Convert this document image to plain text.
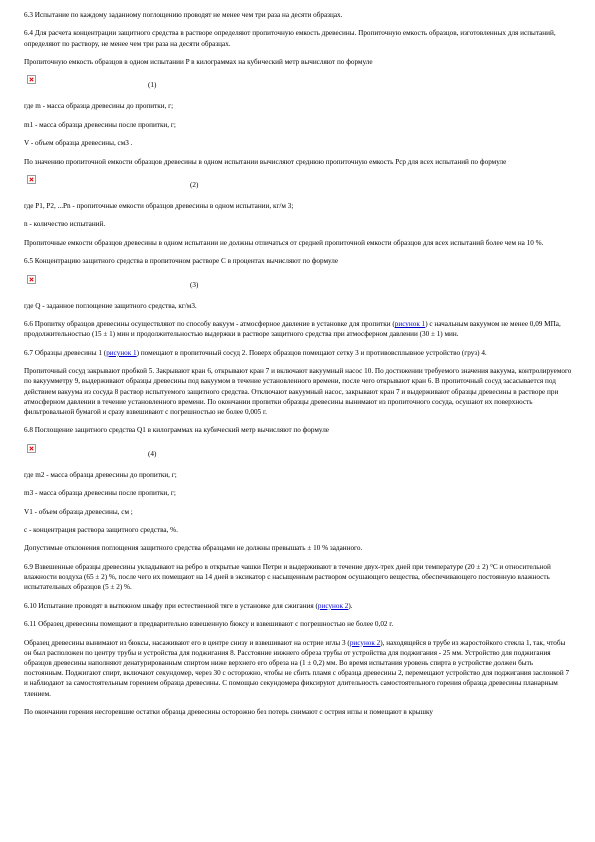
6.3 Испытание по каждому заданному поглощению проводят не менее чем три раза на десяти образцах.

6.4 Для расчета концентрации защитного средства в растворе определяют пропиточную емкость древесины. Пропиточную емкость образцов, изготовленных для испытаний, определяют по раствору, не менее чем три раза на десяти образцах.

Пропиточную емкость образцов в одном испытании P в килограммах на кубический метр вычисляют по формуле

(1)

где m - масса образца древесины до пропитки, г;

m1 - масса образца древесины после пропитки, г;

V - объем образца древесины, см3 .

По значению пропиточной емкости образцов древесины в одном испытании вычисляют среднюю пропиточную емкость Рср для всех испытаний по формуле

(2)

где P1, P2, ...Pn - пропиточные емкости образцов древесины в одном испытании, кг/м 3;

n - количество испытаний.

Пропиточные емкости образцов древесины в одном испытании не должны отличаться от средней пропиточной емкости образцов для всех испытаний более чем на 10 %.

6.5 Концентрацию защитного средства в пропиточном растворе C в процентах вычисляют по формуле

(3)

где Q - заданное поглощение защитного средства, кг/м3.

6.6 Пропитку образцов древесины осуществляют по способу вакуум - атмосферное давление в установке для пропитки (рисунок 1) с начальным вакуумом не менее 0,09 МПа, продолжительностью (15 ± 1) мин и продолжительностью выдержки в растворе защитного средства при атмосферном давлении (30 ± 1) мин.

6.7 Образцы древесины 1 (рисунок 1) помещают в пропиточный сосуд 2. Поверх образцов помещают сетку 3 и противовсплывное устройство (груз) 4.

Пропиточный сосуд закрывают пробкой 5. Закрывают кран 6, открывают кран 7 и включают вакуумный насос 10. По достижении требуемого значения вакуума, контролируемого по вакуумметру 9, выдерживают образцы древесины под вакуумом в течение установленного времени, после чего открывают кран 6. В пропиточный сосуд засасывается под действием вакуума из сосуда 8 раствор испытуемого защитного средства. Отключают вакуумный насос, закрывают кран 7 и выдерживают образцы древесины в растворе при атмосферном давлении в течение установленного времени. По окончании пропитки образцы древесины вынимают из пропиточного сосуда, осушают их поверхность фильтровальной бумагой и сразу взвешивают с погрешностью не более 0,005 г.

6.8 Поглощение защитного средства Q1 в килограммах на кубический метр вычисляют по формуле

(4)

где m2 - масса образца древесины до пропитки, г;

m3 - масса образца древесины после пропитки, г;

V1 - объем образца древесины, см ;

c - концентрация раствора защитного средства, %.

Допустимые отклонения поглощения защитного средства образцами не должны превышать ± 10 % заданного.

6.9 Взвешенные образцы древесины укладывают на ребро в открытые чашки Петри и выдерживают в течение двух-трех дней при температуре (20 ± 2) °С и относительной влажности воздуха (65 ± 2) %, после чего их помещают на 14 дней в эксикатор с насыщенным раствором осушающего вещества, обеспечивающего постоянную влажность испытательных образцов (5 ± 2) %.

6.10 Испытание проводят в вытяжном шкафу при естественной тяге в установке для сжигания (рисунок 2).

6.11 Образец древесины помещают в предварительно взвешенную бюксу и взвешивают с погрешностью не более 0,02 г.

Образец древесины вынимают из бюксы, насаживают его в центре снизу и взвешивают на острие иглы 3 (рисунок 2), находящейся в трубе из жаростойкого стекла 1, так, чтобы он был расположен по центру трубы и устройства для поджигания 8. Расстояние нижнего обреза трубы от устройства для поджигания - 25 мм. Устройство для поджигания образцов древесины наполняют денатурированным спиртом ниже верхнего его обреза на (1 ± 0,2) мм. Во время испытания уровень спирта в устройстве должен быть постоянным. Поджигают спирт, включают секундомер, через 30 с осторожно, чтобы не сбить пламя с образца древесины 2, перемещают устройство для поджигания заслонкой 7 и наблюдают за самостоятельным горением образца древесины. С помощью секундомера фиксируют длительность самостоятельного горения образца древесины планарным тлением.

По окончании горения несгоревшие остатки образца древесины осторожно без потерь снимают с острия иглы и помещают в крышку
